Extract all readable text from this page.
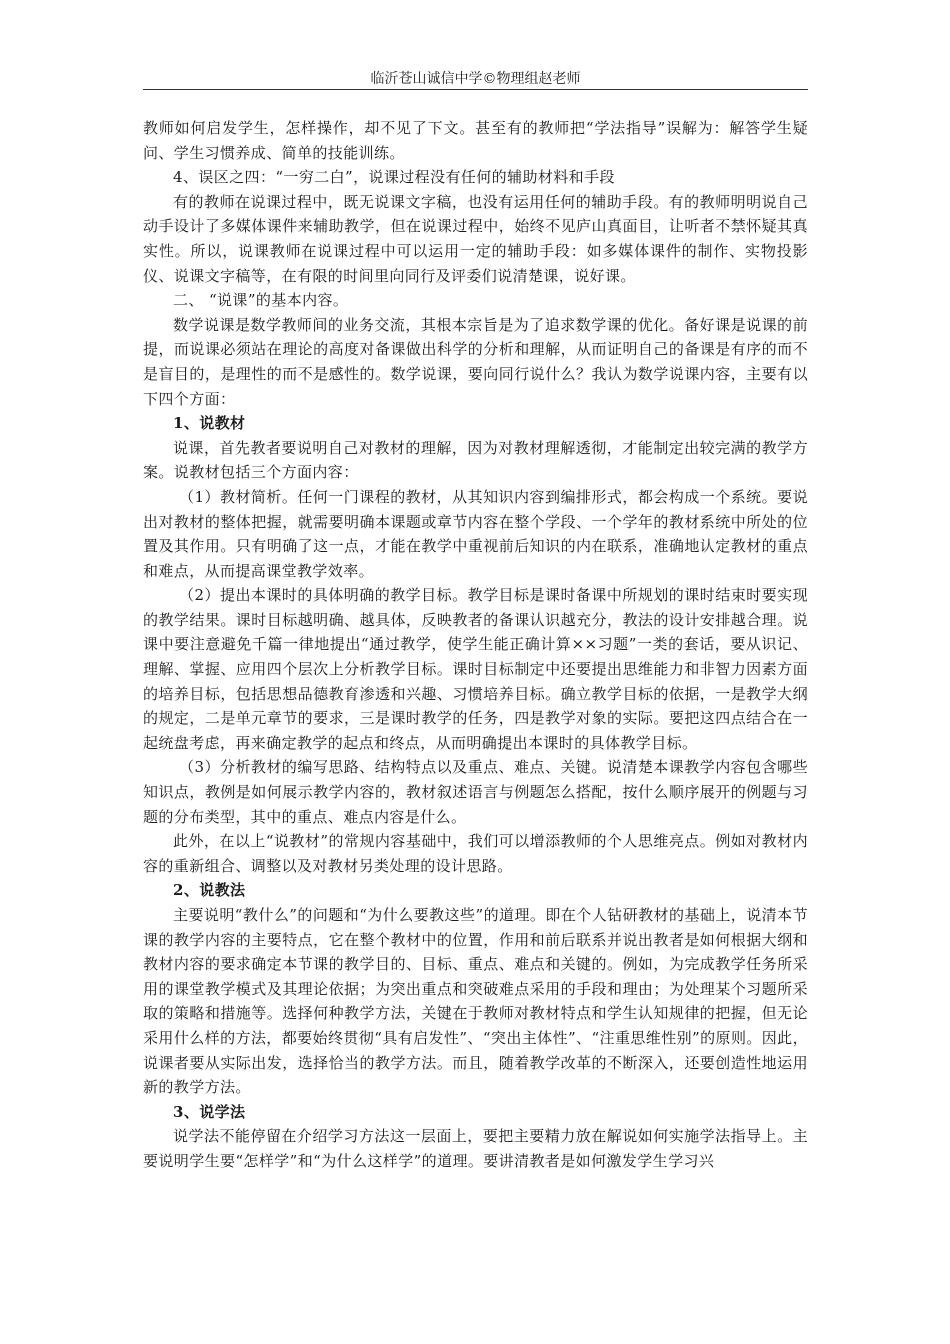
临沂苍山诚信中学©物理组赵老师

教师如何启发学生，怎样操作，却不见了下文。甚至有的教师把“学法指导”误解为：解答学生疑问、学生习惯养成、简单的技能训练。

4、误区之四：“一穷二白”，说课过程没有任何的辅助材料和手段

有的教师在说课过程中，既无说课文字稿，也没有运用任何的辅助手段。有的教师明明说自己动手设计了多媒体课件来辅助教学，但在说课过程中，始终不见庐山真面目，让听者不禁怀疑其真实性。所以，说课教师在说课过程中可以运用一定的辅助手段：如多媒体课件的制作、实物投影仪、说课文字稿等，在有限的时间里向同行及评委们说清楚课，说好课。

二、 “说课”的基本内容。

数学说课是数学教师间的业务交流，其根本宗旨是为了追求数学课的优化。备好课是说课的前提，而说课必须站在理论的高度对备课做出科学的分析和理解，从而证明自己的备课是有序的而不是盲目的，是理性的而不是感性的。数学说课，要向同行说什么？我认为数学说课内容，主要有以下四个方面：

1、说教材

说课，首先教者要说明自己对教材的理解，因为对教材理解透彻，才能制定出较完满的教学方案。说教材包括三个方面内容：

（1）教材简析。任何一门课程的教材，从其知识内容到编排形式，都会构成一个系统。要说出对教材的整体把握，就需要明确本课题或章节内容在整个学段、一个学年的教材系统中所处的位置及其作用。只有明确了这一点，才能在教学中重视前后知识的内在联系，准确地认定教材的重点和难点，从而提高课堂教学效率。

（2）提出本课时的具体明确的教学目标。教学目标是课时备课中所规划的课时结束时要实现的教学结果。课时目标越明确、越具体，反映教者的备课认识越充分，教法的设计安排越合理。说课中要注意避免千篇一律地提出“通过教学，使学生能正确计算××习题”一类的套话，要从识记、理解、掌握、应用四个层次上分析教学目标。课时目标制定中还要提出思维能力和非智力因素方面的培养目标，包括思想品德教育渗透和兴趣、习惯培养目标。确立教学目标的依据，一是教学大纲的规定，二是单元章节的要求，三是课时教学的任务，四是教学对象的实际。要把这四点结合在一起统盘考虑，再来确定教学的起点和终点，从而明确提出本课时的具体教学目标。

（3）分析教材的编写思路、结构特点以及重点、难点、关键。说清楚本课教学内容包含哪些知识点，教例是如何展示教学内容的，教材叙述语言与例题怎么搭配，按什么顺序展开的例题与习题的分布类型，其中的重点、难点内容是什么。

此外，在以上“说教材”的常规内容基础中，我们可以增添教师的个人思维亮点。例如对教材内容的重新组合、调整以及对教材另类处理的设计思路。

2、说教法

主要说明“教什么”的问题和“为什么要教这些”的道理。即在个人钻研教材的基础上，说清本节课的教学内容的主要特点，它在整个教材中的位置，作用和前后联系并说出教者是如何根据大纲和教材内容的要求确定本节课的教学目的、目标、重点、难点和关键的。例如，为完成教学任务所采用的课堂教学模式及其理论依据；为突出重点和突破难点采用的手段和理由；为处理某个习题所采取的策略和措施等。选择何种教学方法，关键在于教师对教材特点和学生认知规律的把握，但无论采用什么样的方法，都要始终贯彻“具有启发性”、“突出主体性”、“注重思维性别”的原则。因此，说课者要从实际出发，选择恰当的教学方法。而且，随着教学改革的不断深入，还要创造性地运用新的教学方法。

3、说学法

说学法不能停留在介绍学习方法这一层面上，要把主要精力放在解说如何实施学法指导上。主要说明学生要“怎样学”和“为什么这样学”的道理。要讲清教者是如何激发学生学习兴
